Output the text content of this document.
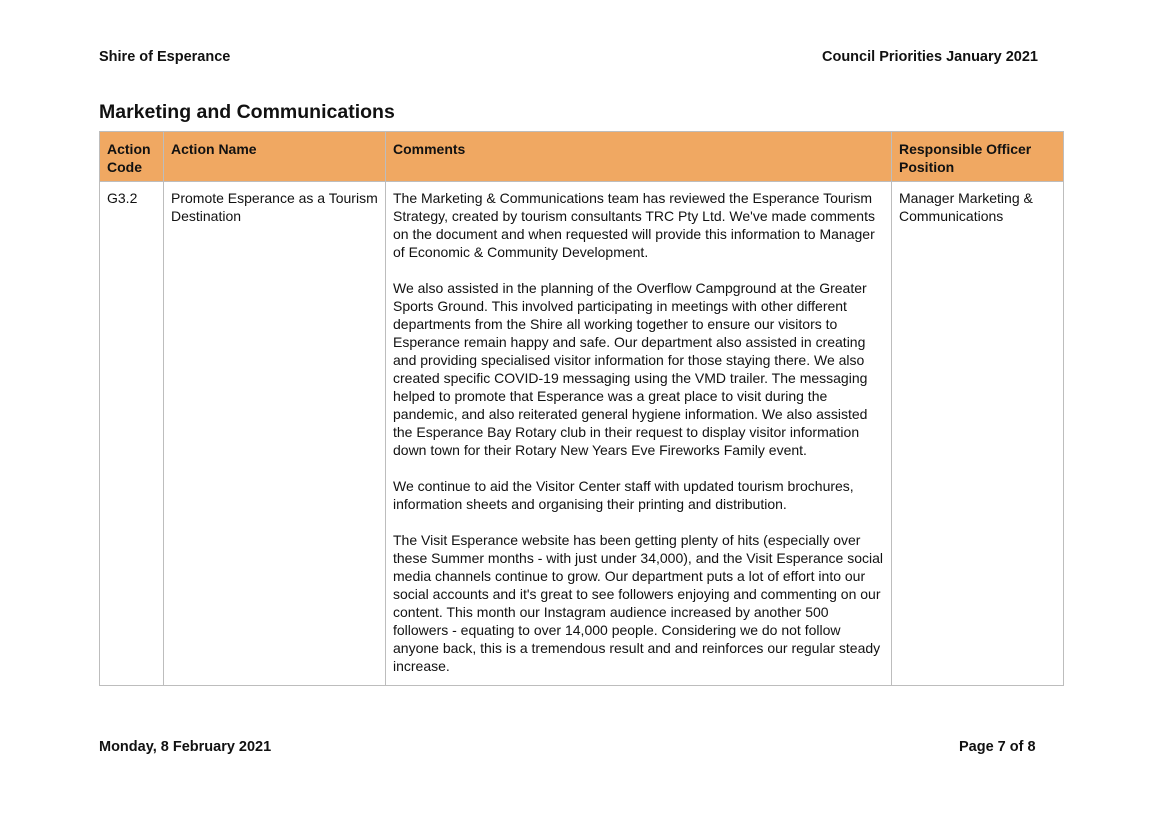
Shire of Esperance	Council Priorities January 2021
Marketing and Communications
Action Code	Action Name	Comments	Responsible Officer Position
G3.2	Promote Esperance as a Tourism Destination	The Marketing & Communications team has reviewed the Esperance Tourism Strategy, created by tourism consultants TRC Pty Ltd. We've made comments on the document and when requested will provide this information to Manager of Economic & Community Development.

We also assisted in the planning of the Overflow Campground at the Greater Sports Ground. This involved participating in meetings with other different departments from the Shire all working together to ensure our visitors to Esperance remain happy and safe. Our department also assisted in creating and providing specialised visitor information for those staying there. We also created specific COVID-19 messaging using the VMD trailer. The messaging helped to promote that Esperance was a great place to visit during the pandemic, and also reiterated general hygiene information. We also assisted the Esperance Bay Rotary club in their request to display visitor information down town for their Rotary New Years Eve Fireworks Family event.

We continue to aid the Visitor Center staff with updated tourism brochures, information sheets and organising their printing and distribution.

The Visit Esperance website has been getting plenty of hits (especially over these Summer months - with just under 34,000), and the Visit Esperance social media channels continue to grow. Our department puts a lot of effort into our social accounts and it's great to see followers enjoying and commenting on our content. This month our Instagram audience increased by another 500 followers - equating to over 14,000 people. Considering we do not follow anyone back, this is a tremendous result and and reinforces our regular steady increase.	Manager Marketing & Communications
Monday, 8 February 2021	Page 7 of 8
